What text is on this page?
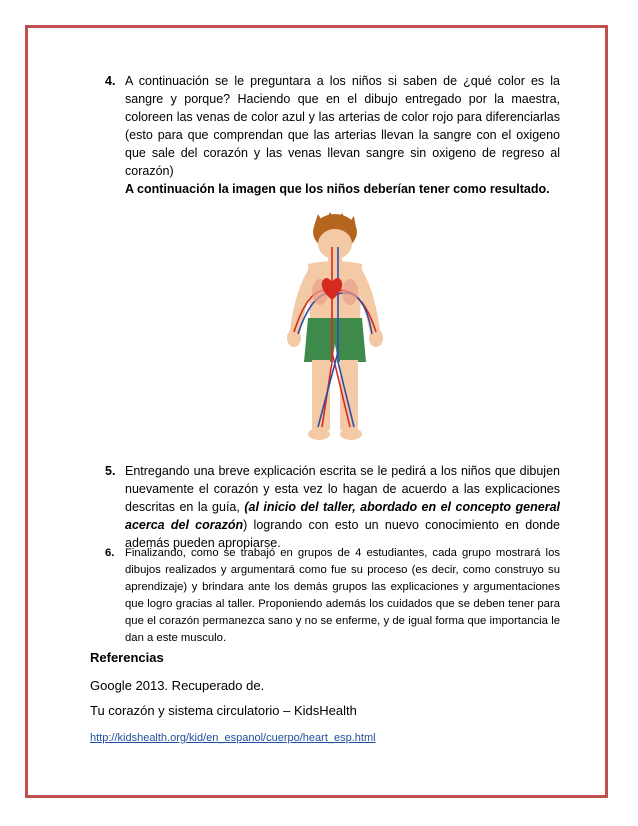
4. A continuación se le preguntara a los niños si saben de ¿qué color es la sangre y porque? Haciendo que en el dibujo entregado por la maestra, coloreen las venas de color azul y las arterias de color rojo para diferenciarlas (esto para que comprendan que las arterias llevan la sangre con el oxigeno que sale del corazón y las venas llevan sangre sin oxigeno de regreso al corazón)
A continuación la imagen que los niños deberían tener como resultado.
5. Entregando una breve explicación escrita se le pedirá a los niños que dibujen nuevamente el corazón y esta vez lo hagan de acuerdo a las explicaciones descritas en la guía, (al inicio del taller, abordado en el concepto general acerca del corazón) logrando con esto un nuevo conocimiento en donde además pueden apropiarse.
6. Finalizando, como se trabajó en grupos de 4 estudiantes, cada grupo mostrará los dibujos realizados y argumentará como fue su proceso (es decir, como construyo su aprendizaje) y brindara ante los demás grupos las explicaciones y argumentaciones que logro gracias al taller. Proponiendo además los cuidados que se deben tener para que el corazón permanezca sano y no se enferme, y de igual forma que importancia le dan a este musculo.
Referencias
Google 2013. Recuperado de.
Tu corazón y sistema circulatorio – KidsHealth
http://kidshealth.org/kid/en_espanol/cuerpo/heart_esp.html
